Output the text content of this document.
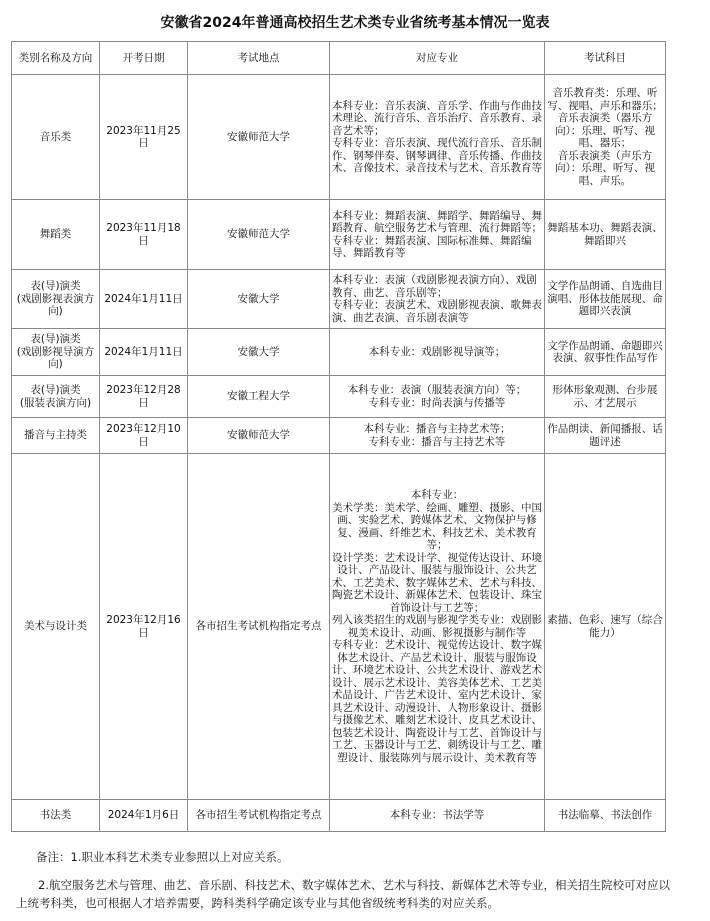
安徽省2024年普通高校招生艺术类专业省统考基本情况一览表
类别名称及方向	开考日期	考试地点	对应专业	考试科目
音乐类	2023年11月25日	安徽师范大学	本科专业：音乐表演、音乐学、作曲与作曲技术理论、流行音乐、音乐治疗、音乐教育、录音艺术等；
专科专业：音乐表演、现代流行音乐、音乐制作、钢琴伴奏、钢琴调律、音乐传播、作曲技术、音像技术、录音技术与艺术、音乐教育等	音乐教育类：乐理、听写、视唱、声乐和器乐；
音乐表演类（器乐方向）：乐理、听写、视唱、器乐；
音乐表演类（声乐方向）：乐理、听写、视唱、声乐。
舞蹈类	2023年11月18日	安徽师范大学	本科专业：舞蹈表演、舞蹈学、舞蹈编导、舞蹈教育、航空服务艺术与管理、流行舞蹈等；
专科专业：舞蹈表演、国际标准舞、舞蹈编导、舞蹈教育等	舞蹈基本功、舞蹈表演、舞蹈即兴
表(导)演类
(戏剧影视表演方向)	2024年1月11日	安徽大学	本科专业：表演（戏剧影视表演方向）、戏剧教育、曲艺、音乐剧等；
专科专业：表演艺术、戏剧影视表演、歌舞表演、曲艺表演、音乐剧表演等	文学作品朗诵、自选曲目演唱、形体技能展现、命题即兴表演
表(导)演类
(戏剧影视导演方向)	2024年1月11日	安徽大学	本科专业：戏剧影视导演等；	文学作品朗诵、命题即兴表演、叙事性作品写作
表(导)演类
(服装表演方向)	2023年12月28日	安徽工程大学	本科专业：表演（服装表演方向）等；
专科专业：时尚表演与传播等	形体形象观测、台步展示、才艺展示
播音与主持类	2023年12月10日	安徽师范大学	本科专业：播音与主持艺术等；
专科专业：播音与主持艺术等	作品朗读、新闻播报、话题评述
美术与设计类	2023年12月16日	各市招生考试机构指定考点	本科专业：
美术学类：美术学、绘画、雕塑、摄影、中国画、实验艺术、跨媒体艺术、文物保护与修复、漫画、纤维艺术、科技艺术、美术教育等；
设计学类：艺术设计学、视觉传达设计、环境设计、产品设计、服装与服饰设计、公共艺术、工艺美术、数字媒体艺术、艺术与科技、陶瓷艺术设计、新媒体艺术、包装设计、珠宝首饰设计与工艺等；
列入该类招生的戏剧与影视学类专业：戏剧影视美术设计、动画、影视摄影与制作等
专科专业：艺术设计、视觉传达设计、数字媒体艺术设计、产品艺术设计、服装与服饰设计、环境艺术设计、公共艺术设计、游戏艺术设计、展示艺术设计、美容美体艺术、工艺美术品设计、广告艺术设计、室内艺术设计、家具艺术设计、动漫设计、人物形象设计、摄影与摄像艺术、雕刻艺术设计、皮具艺术设计、包装艺术设计、陶瓷设计与工艺、首饰设计与工艺、玉器设计与工艺、刺绣设计与工艺、雕塑设计、服装陈列与展示设计、美术教育等	素描、色彩、速写（综合能力）
书法类	2024年1月6日	各市招生考试机构指定考点	本科专业：书法学等	书法临摹、书法创作
备注：1.职业本科艺术类专业参照以上对应关系。
2.航空服务艺术与管理、曲艺、音乐剧、科技艺术、数字媒体艺术、艺术与科技、新媒体艺术等专业，相关招生院校可对应以上统考科类，也可根据人才培养需要，跨科类科学确定该专业与其他省级统考科类的对应关系。
